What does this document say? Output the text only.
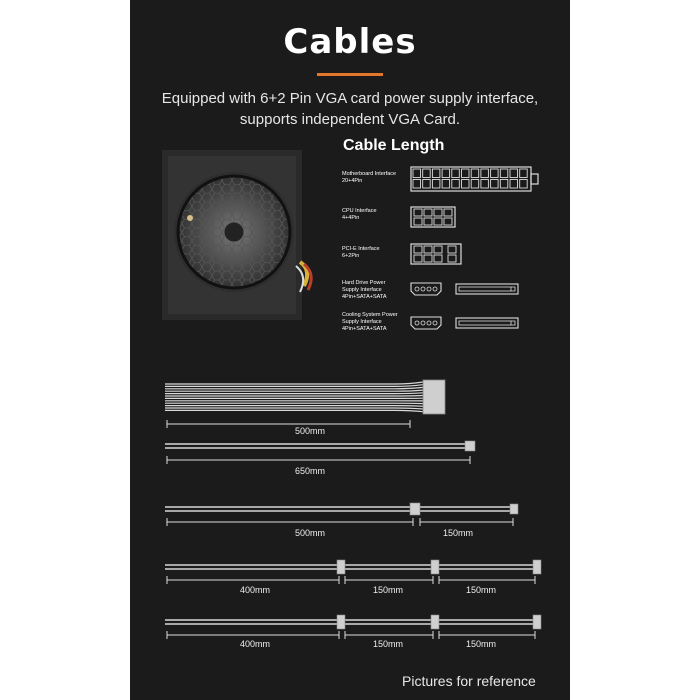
Cables
Equipped with 6+2 Pin VGA card power supply interface,
supports independent VGA Card.
Cable Length
Motherboard Interface
20+4Pin
CPU Interface
4+4Pin
PCI-E Interface
6+2Pin
Hard Drive Power
Supply Interface
4Pin+SATA+SATA
Cooling System Power
Supply Interface
4Pin+SATA+SATA
500mm
650mm
500mm	150mm
400mm	150mm	150mm
400mm	150mm	150mm
Pictures for reference
